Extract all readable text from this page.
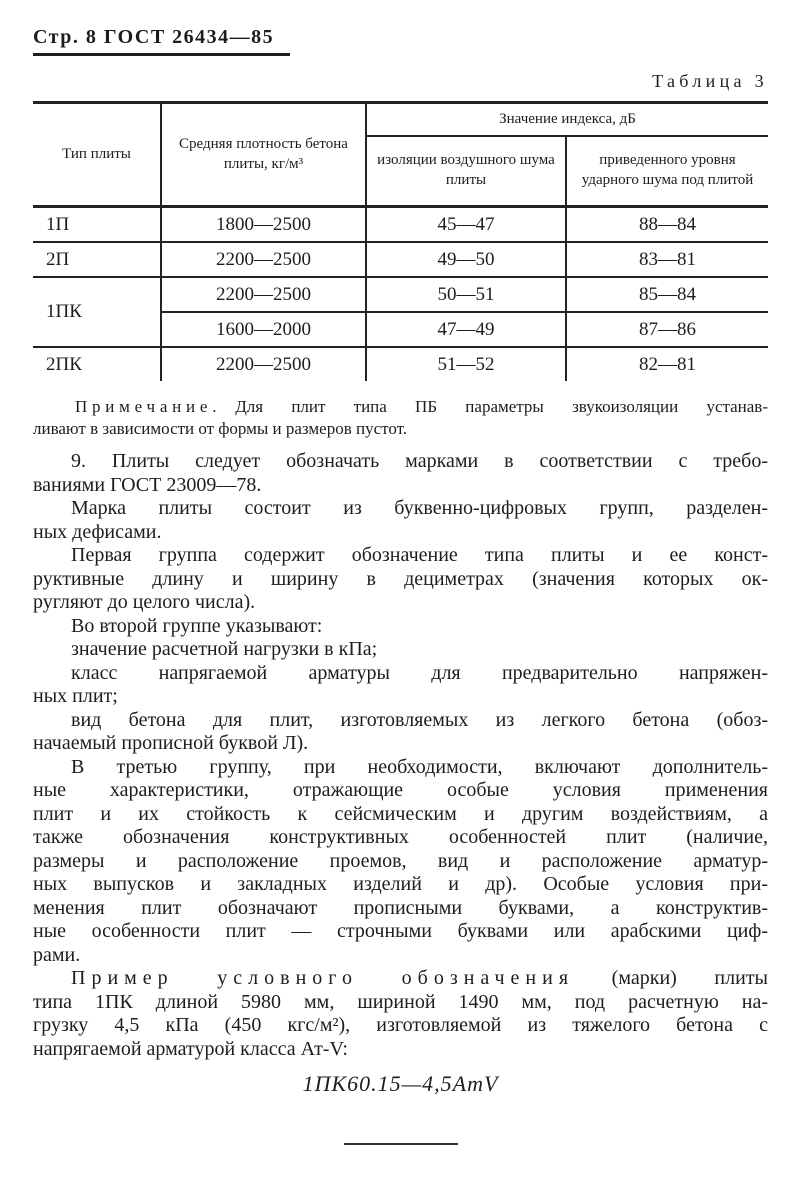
Стр. 8 ГОСТ 26434—85
Таблица 3
Тип плиты	Средняя плотность бетона плиты, кг/м³	Значение индекса, дБ	
		изоляции воздушного шума плиты	приведенного уровня ударного шума под плитой
1П	1800—2500	45—47	88—84
2П	2200—2500	49—50	83—81
1ПК	2200—2500	50—51	85—84
	1600—2000	47—49	87—86
2ПК	2200—2500	51—52	82—81
Примечание. Для плит типа ПБ параметры звукоизоляции устанав-
ливают в зависимости от формы и размеров пустот.

9. Плиты следует обозначать марками в соответствии с требо-
ваниями ГОСТ 23009—78.

Марка плиты состоит из буквенно-цифровых групп, разделен-
ных дефисами.

Первая группа содержит обозначение типа плиты и ее конст-
руктивные длину и ширину в дециметрах (значения которых ок-
ругляют до целого числа).

Во второй группе указывают:

значение расчетной нагрузки в кПа;

класс напрягаемой арматуры для предварительно напряжен-
ных плит;

вид бетона для плит, изготовляемых из легкого бетона (обоз-
начаемый прописной буквой Л).

В третью группу, при необходимости, включают дополнитель-
ные характеристики, отражающие особые условия применения
плит и их стойкость к сейсмическим и другим воздействиям, а
также обозначения конструктивных особенностей плит (наличие,
размеры и расположение проемов, вид и расположение арматур-
ных выпусков и закладных изделий и др). Особые условия при-
менения плит обозначают прописными буквами, а конструктив-
ные особенности плит — строчными буквами или арабскими циф-
рами.

Пример условного обозначения (марки) плиты
типа 1ПК длиной 5980 мм, шириной 1490 мм, под расчетную на-
грузку 4,5 кПа (450 кгс/м²), изготовляемой из тяжелого бетона с
напрягаемой арматурой класса Ат-V:

1ПК60.15—4,5АтV
